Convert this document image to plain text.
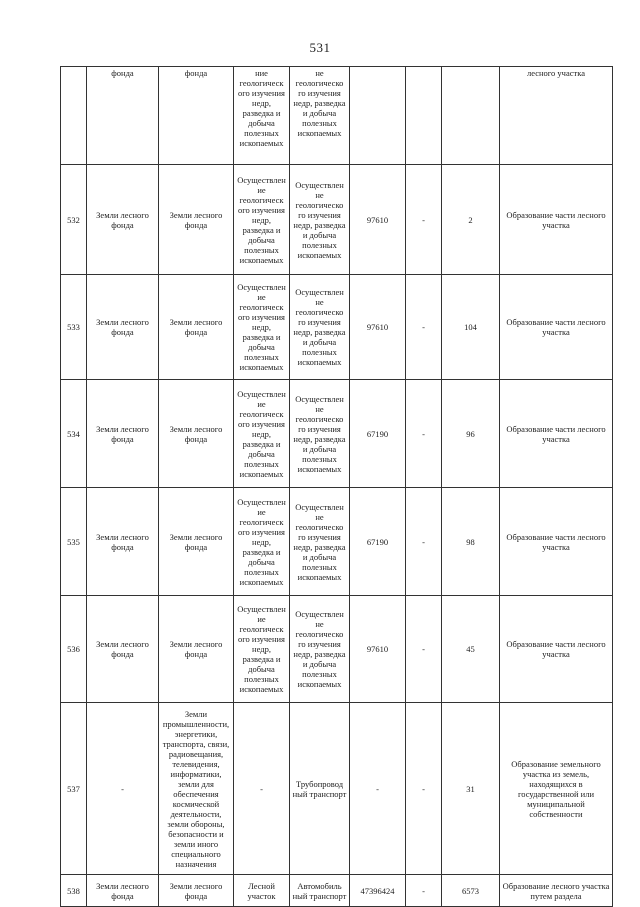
531
	фонда	фонда	ние геологическ ого изучения недр, разведка и добыча полезных ископаемых	не геологическо го изучения недр, разведка и добыча полезных ископаемых				лесного участка
532	Земли лесного фонда	Земли лесного фонда	Осуществление геологическ ого изучения недр, разведка и добыча полезных ископаемых	Осуществлен не геологическо го изучения недр, разведка и добыча полезных ископаемых	97610	-	2	Образование части лесного участка
533	Земли лесного фонда	Земли лесного фонда	Осуществление геологическ ого изучения недр, разведка и добыча полезных ископаемых	Осуществлен не геологическо го изучения недр, разведка и добыча полезных ископаемых	97610	-	104	Образование части лесного участка
534	Земли лесного фонда	Земли лесного фонда	Осуществление геологическ ого изучения недр, разведка и добыча полезных ископаемых	Осуществлен не геологическо го изучения недр, разведка и добыча полезных ископаемых	67190	-	96	Образование части лесного участка
535	Земли лесного фонда	Земли лесного фонда	Осуществление геологическ ого изучения недр, разведка и добыча полезных ископаемых	Осуществлен не геологическо го изучения недр, разведка и добыча полезных ископаемых	67190	-	98	Образование части лесного участка
536	Земли лесного фонда	Земли лесного фонда	Осуществление геологическ ого изучения недр, разведка и добыча полезных ископаемых	Осуществлен не геологическо го изучения недр, разведка и добыча полезных ископаемых	97610	-	45	Образование части лесного участка
537	-	Земли промышленности, энергетики, транспорта, связи, радиовещания, телевидения, информатики, земли для обеспечения космической деятельности, земли обороны, безопасности и земли иного специального назначения	-	Трубопровод ный транспорт	-	-	31	Образование земельного участка из земель, находящихся в государственной или муниципальной собственности
538	Земли лесного фонда	Земли лесного фонда	Лесной участок	Автомобиль ный транспорт	47396424	-	6573	Образование лесного участка путем раздела
